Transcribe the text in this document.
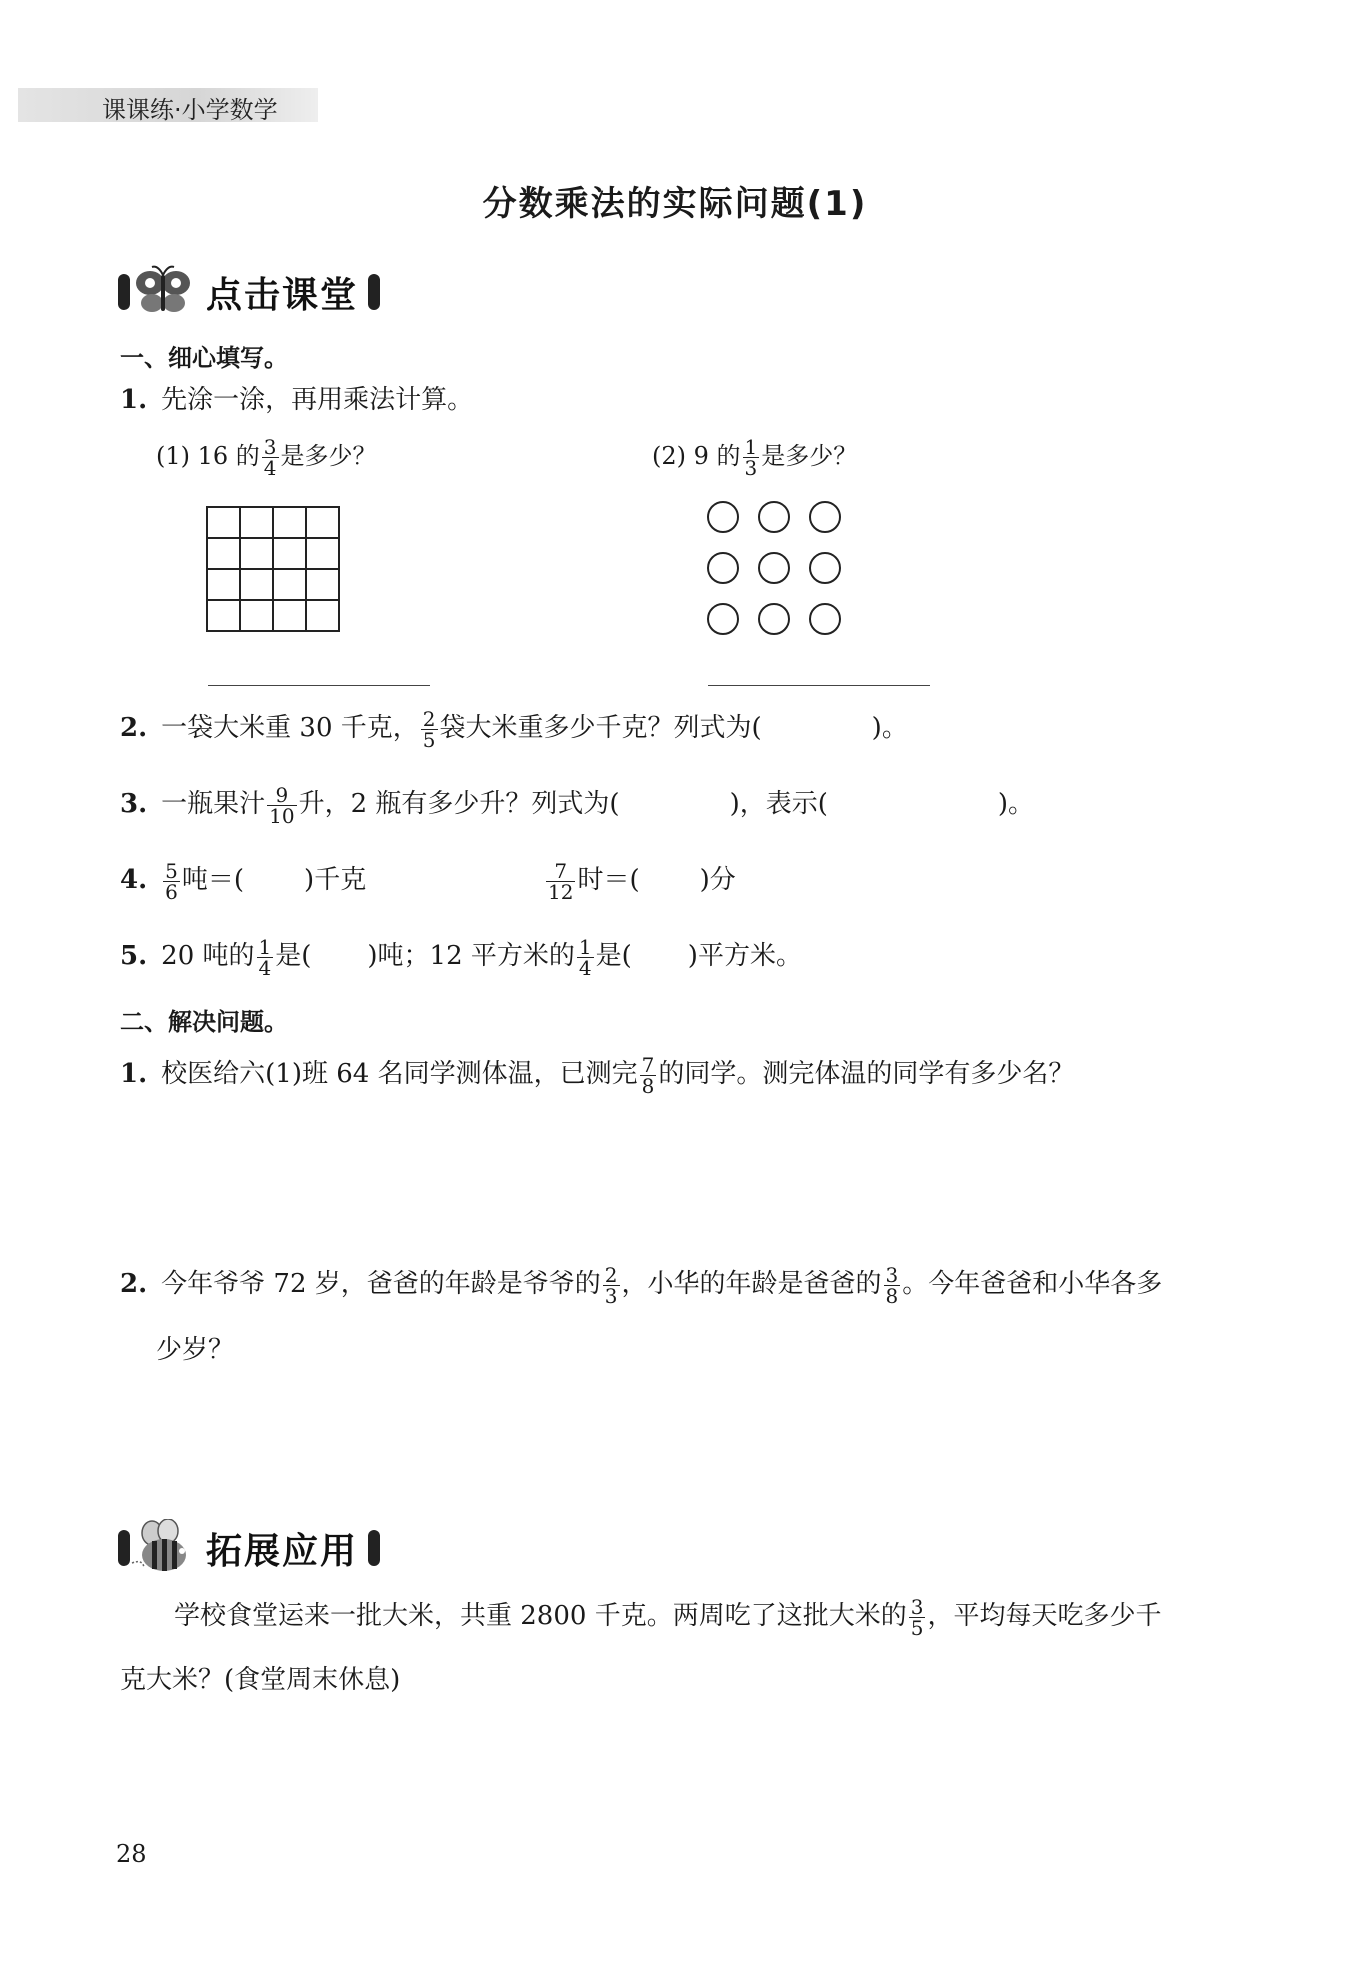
课课练·小学数学
分数乘法的实际问题(1)
点击课堂
一、细心填写。
1. 先涂一涂，再用乘法计算。
(1) 16 的 $\frac{3}{4}$ 是多少？	(2) 9 的 $\frac{1}{3}$ 是多少？

2. 一袋大米重 30 千克， $\frac{2}{5}$ 袋大米重多少千克？列式为(	)。
3. 一瓶果汁 $\frac{9}{10}$ 升，2 瓶有多少升？列式为(	)，表示(	)。
4. $\frac{5}{6}$ 吨＝( )千克	$\frac{7}{12}$ 时＝( )分
5. 20 吨的 $\frac{1}{4}$ 是( )吨；12 平方米的 $\frac{1}{4}$ 是( )平方米。
二、解决问题。
1. 校医给六(1)班 64 名同学测体温，已测完 $\frac{7}{8}$ 的同学。测完体温的同学有多少名？
2. 今年爷爷 72 岁，爸爸的年龄是爷爷的 $\frac{2}{3}$ ，小华的年龄是爸爸的 $\frac{3}{8}$ 。今年爸爸和小华各多
少岁？
拓展应用
学校食堂运来一批大米，共重 2800 千克。两周吃了这批大米的 $\frac{3}{5}$ ，平均每天吃多少千
克大米？(食堂周末休息)
28
